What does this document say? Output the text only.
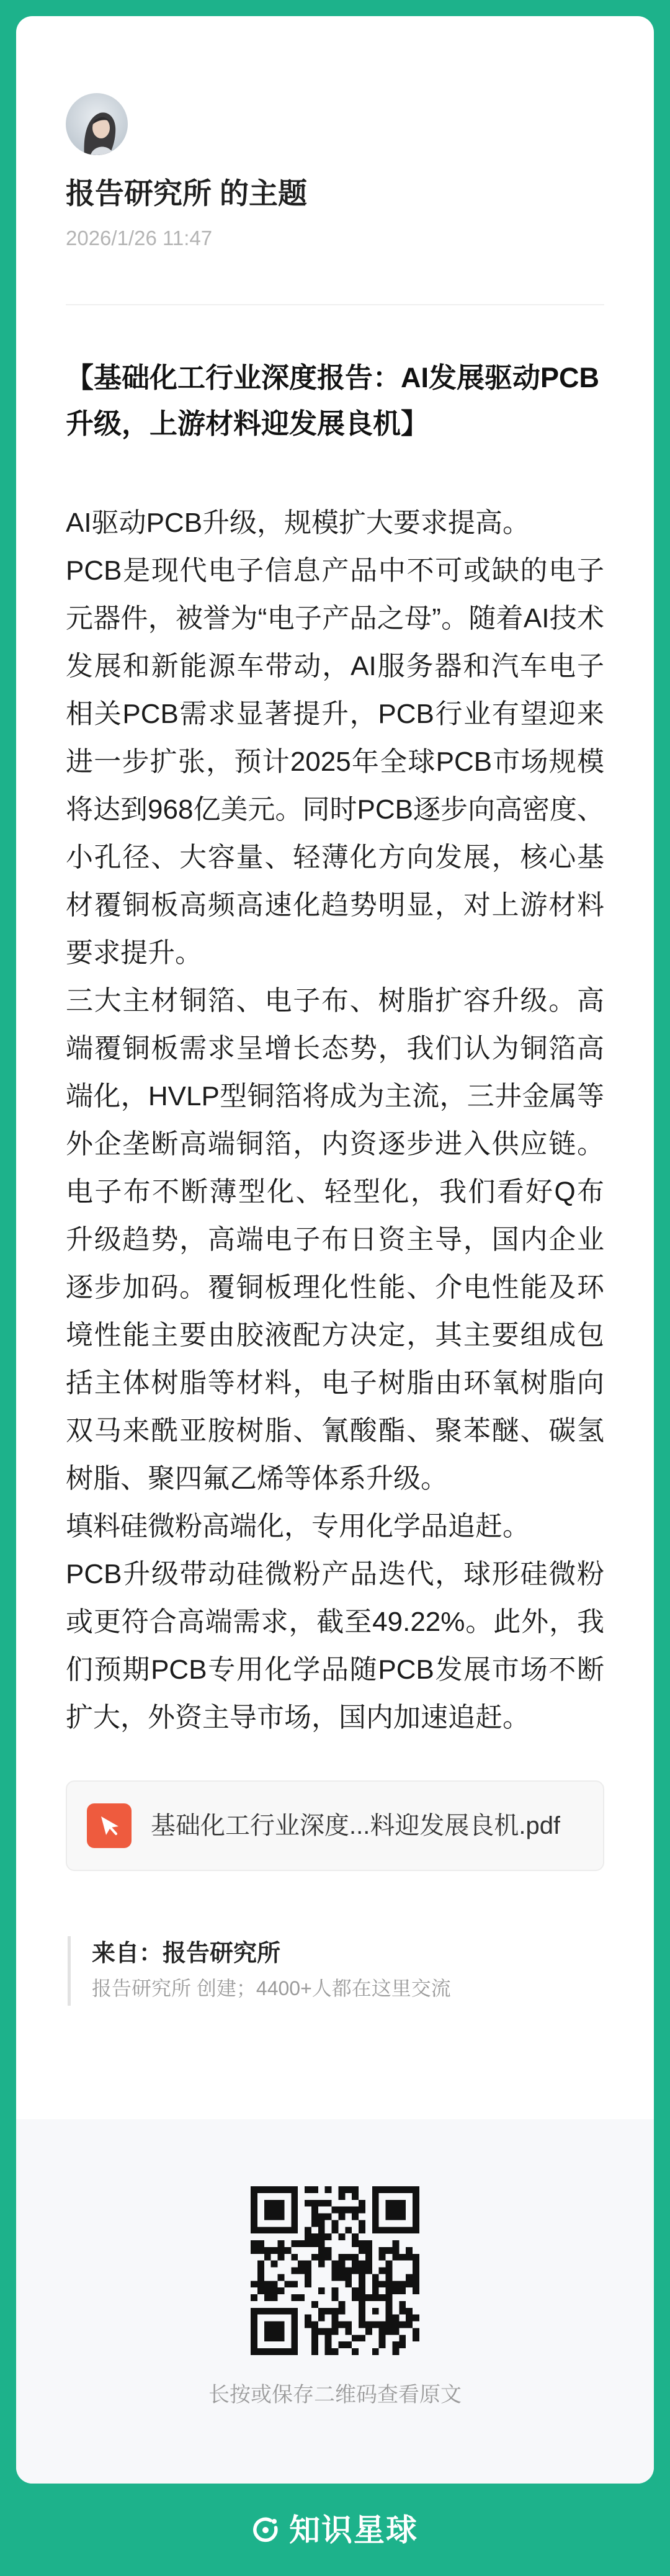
报告研究所 的主题
2026/1/26 11:47
【基础化工行业深度报告：AI发展驱动PCB升级，上游材料迎发展良机】

AI驱动PCB升级，规模扩大要求提高。

PCB是现代电子信息产品中不可或缺的电子元器件，被誉为“电子产品之母”。随着AI技术发展和新能源车带动，AI服务器和汽车电子相关PCB需求显著提升，PCB行业有望迎来进一步扩张，预计2025年全球PCB市场规模将达到968亿美元。同时PCB逐步向高密度、小孔径、大容量、轻薄化方向发展，核心基材覆铜板高频高速化趋势明显，对上游材料要求提升。

三大主材铜箔、电子布、树脂扩容升级。高端覆铜板需求呈增长态势，我们认为铜箔高端化，HVLP型铜箔将成为主流，三井金属等外企垄断高端铜箔，内资逐步进入供应链。电子布不断薄型化、轻型化，我们看好Q布升级趋势，高端电子布日资主导，国内企业逐步加码。覆铜板理化性能、介电性能及环境性能主要由胶液配方决定，其主要组成包括主体树脂等材料，电子树脂由环氧树脂向双马来酰亚胺树脂、氰酸酯、聚苯醚、碳氢树脂、聚四氟乙烯等体系升级。

填料硅微粉高端化，专用化学品追赶。

PCB升级带动硅微粉产品迭代，球形硅微粉或更符合高端需求，截至49.22%。此外，我们预期PCB专用化学品随PCB发展市场不断扩大，外资主导市场，国内加速追赶。

基础化工行业深度...料迎发展良机.pdf
来自：报告研究所
报告研究所 创建；4400+人都在这里交流
长按或保存二维码查看原文
知识星球
